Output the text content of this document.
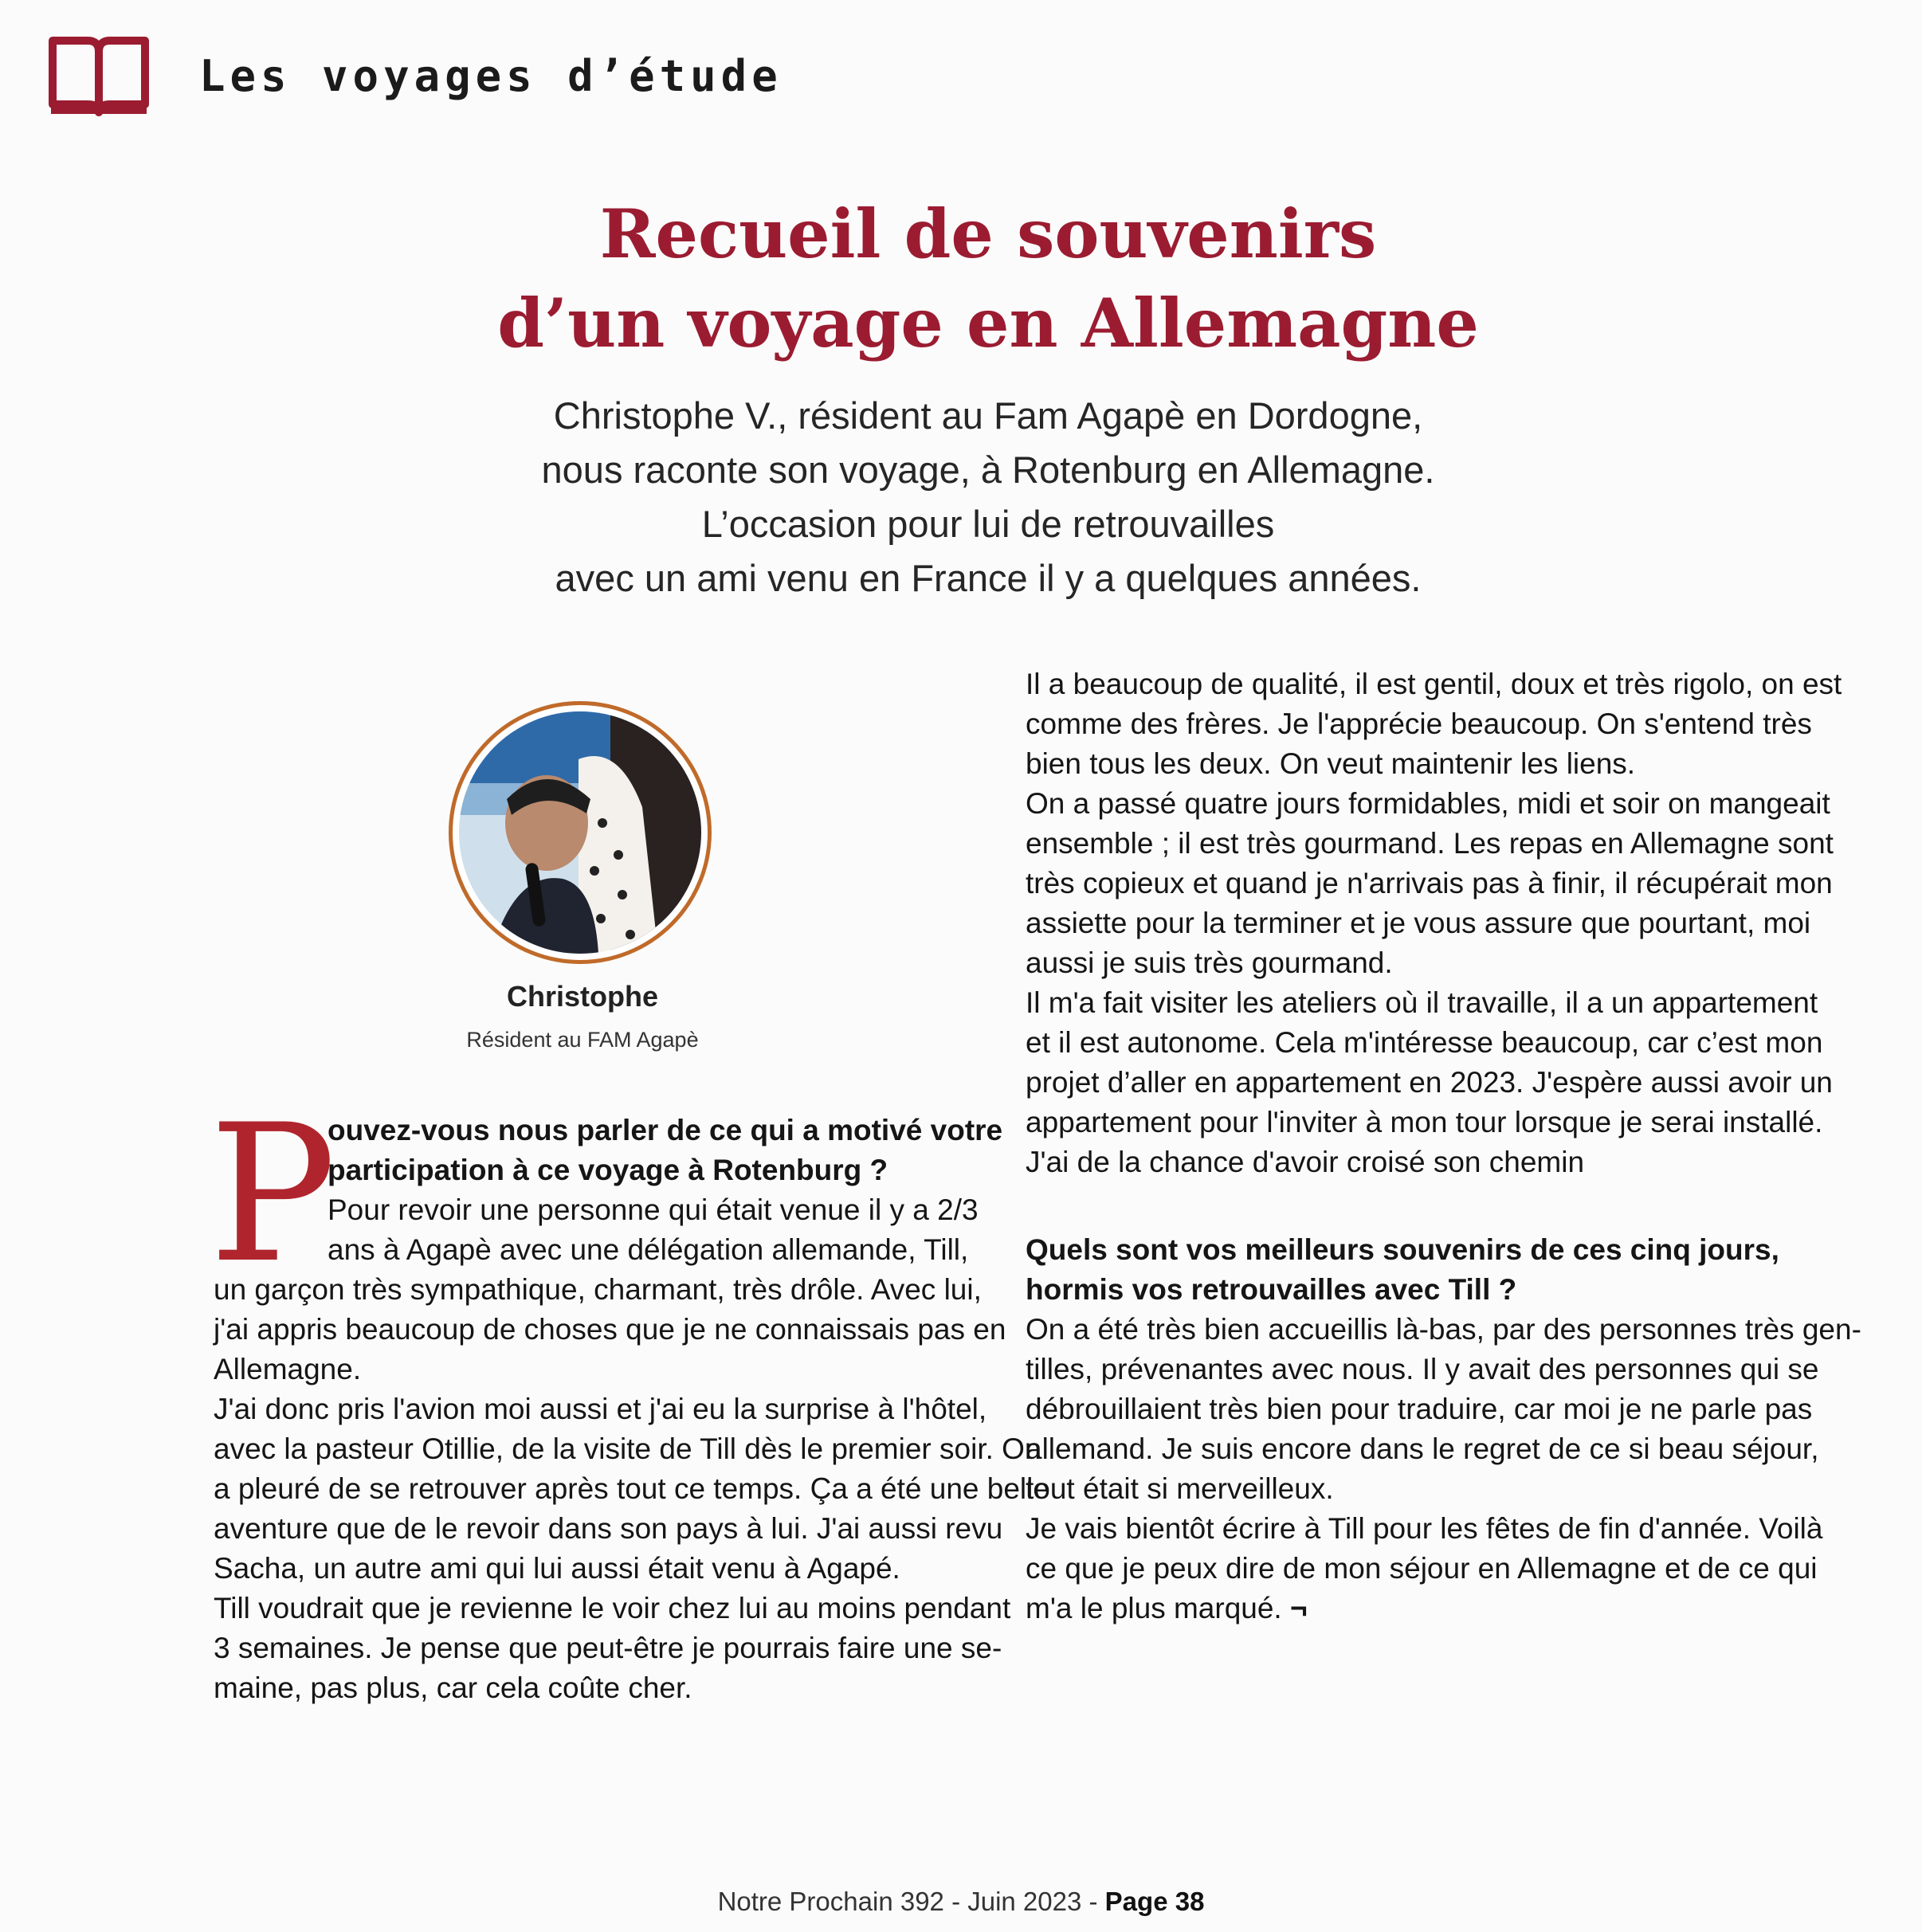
Les voyages d’étude
Recueil de souvenirs
d’un voyage en Allemagne
Christophe V., résident au Fam Agapè en Dordogne,
nous raconte son voyage, à Rotenburg en Allemagne.
L’occasion pour lui de retrouvailles
avec un ami venu en France il y a quelques années.
Christophe
Résident au FAM Agapè
P

ouvez-vous nous parler de ce qui a motivé votre
participation à ce voyage à Rotenburg ?

Pour revoir une personne qui était venue il y a 2/3
ans à Agapè avec une délégation allemande, Till,

un garçon très sympathique, charmant, très drôle. Avec lui,
j'ai appris beaucoup de choses que je ne connaissais pas en
Allemagne.
J'ai donc pris l'avion moi aussi et j'ai eu la surprise à l'hôtel,
avec la pasteur Otillie, de la visite de Till dès le premier soir. On
a pleuré de se retrouver après tout ce temps. Ça a été une belle
aventure que de le revoir dans son pays à lui. J'ai aussi revu
Sacha, un autre ami qui lui aussi était venu à Agapé.
Till voudrait que je revienne le voir chez lui au moins pendant
3 semaines. Je pense que peut-être je pourrais faire une se-
maine, pas plus, car cela coûte cher.

Il a beaucoup de qualité, il est gentil, doux et très rigolo, on est
comme des frères. Je l'apprécie beaucoup. On s'entend très
bien tous les deux. On veut maintenir les liens.
On a passé quatre jours formidables, midi et soir on mangeait
ensemble ; il est très gourmand. Les repas en Allemagne sont
très copieux et quand je n'arrivais pas à finir, il récupérait mon
assiette pour la terminer et je vous assure que pourtant, moi
aussi je suis très gourmand.
Il m'a fait visiter les ateliers où il travaille, il a un appartement
et il est autonome. Cela m'intéresse beaucoup, car c’est mon
projet d’aller en appartement en 2023. J'espère aussi avoir un
appartement pour l'inviter à mon tour lorsque je serai installé.
J'ai de la chance d'avoir croisé son chemin

Quels sont vos meilleurs souvenirs de ces cinq jours,
hormis vos retrouvailles avec Till ?

On a été très bien accueillis là-bas, par des personnes très gen-
tilles, prévenantes avec nous. Il y avait des personnes qui se
débrouillaient très bien pour traduire, car moi je ne parle pas
allemand. Je suis encore dans le regret de ce si beau séjour,
tout était si merveilleux.
Je vais bientôt écrire à Till pour les fêtes de fin d'année. Voilà
ce que je peux dire de mon séjour en Allemagne et de ce qui
m'a le plus marqué. ¬

Notre Prochain 392 - Juin 2023 - Page 38
